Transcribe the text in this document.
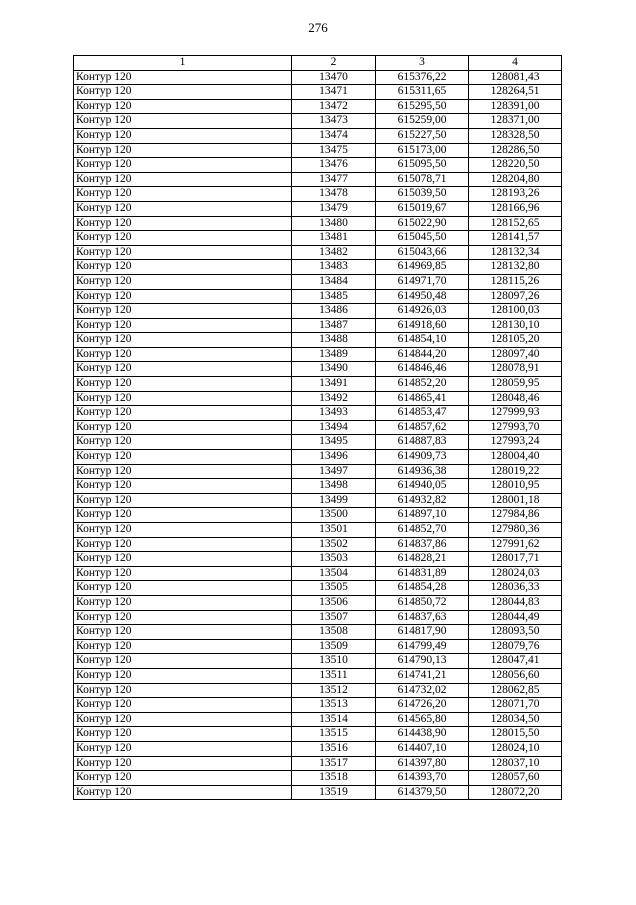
276
1	2	3	4
Контур 120	13470	615376,22	128081,43
Контур 120	13471	615311,65	128264,51
Контур 120	13472	615295,50	128391,00
Контур 120	13473	615259,00	128371,00
Контур 120	13474	615227,50	128328,50
Контур 120	13475	615173,00	128286,50
Контур 120	13476	615095,50	128220,50
Контур 120	13477	615078,71	128204,80
Контур 120	13478	615039,50	128193,26
Контур 120	13479	615019,67	128166,96
Контур 120	13480	615022,90	128152,65
Контур 120	13481	615045,50	128141,57
Контур 120	13482	615043,66	128132,34
Контур 120	13483	614969,85	128132,80
Контур 120	13484	614971,70	128115,26
Контур 120	13485	614950,48	128097,26
Контур 120	13486	614926,03	128100,03
Контур 120	13487	614918,60	128130,10
Контур 120	13488	614854,10	128105,20
Контур 120	13489	614844,20	128097,40
Контур 120	13490	614846,46	128078,91
Контур 120	13491	614852,20	128059,95
Контур 120	13492	614865,41	128048,46
Контур 120	13493	614853,47	127999,93
Контур 120	13494	614857,62	127993,70
Контур 120	13495	614887,83	127993,24
Контур 120	13496	614909,73	128004,40
Контур 120	13497	614936,38	128019,22
Контур 120	13498	614940,05	128010,95
Контур 120	13499	614932,82	128001,18
Контур 120	13500	614897,10	127984,86
Контур 120	13501	614852,70	127980,36
Контур 120	13502	614837,86	127991,62
Контур 120	13503	614828,21	128017,71
Контур 120	13504	614831,89	128024,03
Контур 120	13505	614854,28	128036,33
Контур 120	13506	614850,72	128044,83
Контур 120	13507	614837,63	128044,49
Контур 120	13508	614817,90	128093,50
Контур 120	13509	614799,49	128079,76
Контур 120	13510	614790,13	128047,41
Контур 120	13511	614741,21	128056,60
Контур 120	13512	614732,02	128062,85
Контур 120	13513	614726,20	128071,70
Контур 120	13514	614565,80	128034,50
Контур 120	13515	614438,90	128015,50
Контур 120	13516	614407,10	128024,10
Контур 120	13517	614397,80	128037,10
Контур 120	13518	614393,70	128057,60
Контур 120	13519	614379,50	128072,20
